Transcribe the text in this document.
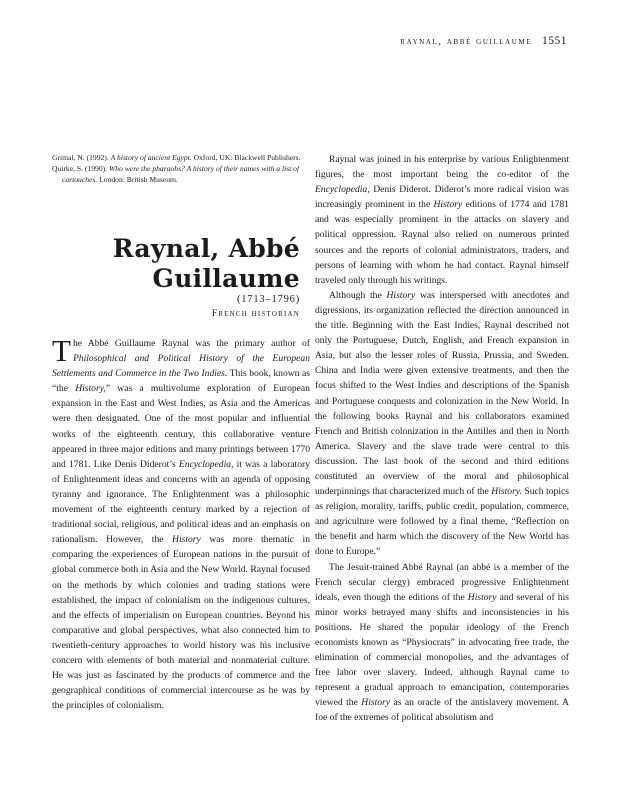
raynal, abbé guillaume 1551

Grimal, N. (1992). A history of ancient Egypt. Oxford, UK: Blackwell Publishers.

Quirke, S. (1990). Who were the pharaohs? A history of their names with a list of cartouches. London: British Museum.

Raynal, Abbé Guillaume

(1713–1796)

French historian

The Abbé Guillaume Raynal was the primary author of Philosophical and Political History of the European Settlements and Commerce in the Two Indies. This book, known as “the History,” was a multivolume exploration of European expansion in the East and West Indies, as Asia and the Americas were then designated. One of the most popular and influential works of the eighteenth century, this collaborative venture appeared in three major editions and many printings between 1770 and 1781. Like Denis Diderot’s Encyclopedia, it was a laboratory of Enlightenment ideas and concerns with an agenda of opposing tyranny and ignorance. The Enlightenment was a philosophic movement of the eighteenth century marked by a rejection of traditional social, religious, and political ideas and an emphasis on rationalism. However, the History was more thematic in comparing the experiences of European nations in the pursuit of global commerce both in Asia and the New World. Raynal focused on the methods by which colonies and trading stations were established, the impact of colonialism on the indigenous cultures, and the effects of imperialism on European countries. Beyond his comparative and global perspectives, what also connected him to twentieth-century approaches to world history was his inclusive concern with elements of both material and nonmaterial culture. He was just as fascinated by the products of commerce and the geographical conditions of commercial intercourse as he was by the principles of colonialism.

Raynal was joined in his enterprise by various Enlightenment figures, the most important being the co-editor of the Encyclopedia, Denis Diderot. Diderot’s more radical vision was increasingly prominent in the History editions of 1774 and 1781 and was especially prominent in the attacks on slavery and political oppression. Raynal also relied on numerous printed sources and the reports of colonial administrators, traders, and persons of learning with whom he had contact. Raynal himself traveled only through his writings.

Although the History was interspersed with anecdotes and digressions, its organization reflected the direction announced in the title. Beginning with the East Indies, Raynal described not only the Portuguese, Dutch, English, and French expansion in Asia, but also the lesser roles of Russia, Prussia, and Sweden. China and India were given extensive treatments, and then the focus shifted to the West Indies and descriptions of the Spanish and Portuguese conquests and colonization in the New World. In the following books Raynal and his collaborators examined French and British colonization in the Antilles and then in North America. Slavery and the slave trade were central to this discussion. The last book of the second and third editions constituted an overview of the moral and philosophical underpinnings that characterized much of the History. Such topics as religion, morality, tariffs, public credit, population, commerce, and agriculture were followed by a final theme, “Reflection on the benefit and harm which the discovery of the New World has done to Europe.”

The Jesuit-trained Abbé Raynal (an abbé is a member of the French secular clergy) embraced progressive Enlightenment ideals, even though the editions of the History and several of his minor works betrayed many shifts and inconsistencies in his positions. He shared the popular ideology of the French economists known as “Physiocrats” in advocating free trade, the elimination of commercial monopolies, and the advantages of free labor over slavery. Indeed, although Raynal came to represent a gradual approach to emancipation, contemporaries viewed the History as an oracle of the antislavery movement. A foe of the extremes of political absolutism and
